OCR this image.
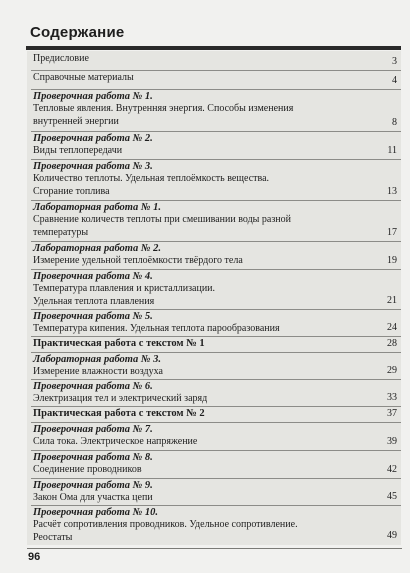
Содержание
Предисловие	3
Справочные материалы	4
Проверочная работа № 1.
Тепловые явления. Внутренняя энергия. Способы изменения
внутренней энергии	8
Проверочная работа № 2.
Виды теплопередачи	11
Проверочная работа № 3.
Количество теплоты. Удельная теплоёмкость вещества.
Сгорание топлива	13
Лабораторная работа № 1.
Сравнение количеств теплоты при смешивании воды разной
температуры	17
Лабораторная работа № 2.
Измерение удельной теплоёмкости твёрдого тела	19
Проверочная работа № 4.
Температура плавления и кристаллизации.
Удельная теплота плавления	21
Проверочная работа № 5.
Температура кипения. Удельная теплота парообразования	24
Практическая работа с текстом № 1	28
Лабораторная работа № 3.
Измерение влажности воздуха	29
Проверочная работа № 6.
Электризация тел и электрический заряд	33
Практическая работа с текстом № 2	37
Проверочная работа № 7.
Сила тока. Электрическое напряжение	39
Проверочная работа № 8.
Соединение проводников	42
Проверочная работа № 9.
Закон Ома для участка цепи	45
Проверочная работа № 10.
Расчёт сопротивления проводников. Удельное сопротивление.
Реостаты	49
96
